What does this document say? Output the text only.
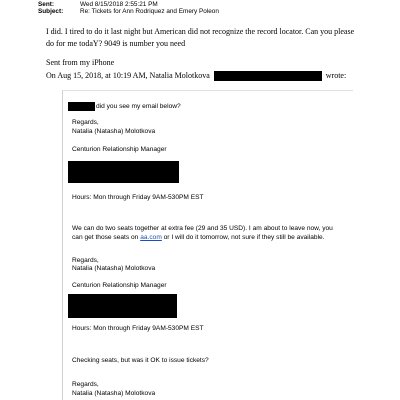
Sent:	Wed 8/15/2018 2:55:21 PM
Subject:	Re: Tickets for Ann Rodriquez and Emery Poleon
I did. I tired to do it last night but American did not recognize the record locator. Can you please
do for me todaY? 9049 is number you need
Sent from my iPhone
On Aug 15, 2018, at 10:19 AM, Natalia Molotkova	wrote:
did you see my email below?
Regards,
Natalia (Natasha) Molotkova
Centurion Relationship Manager
Hours: Mon through Friday 9AM-530PM EST
We can do two seats together at extra fee (29 and 35 USD). I am about to leave now, you
can get those seats on aa.com or I will do it tomorrow, not sure if they still be available.
Regards,
Natalia (Natasha) Molotkova
Centurion Relationship Manager
Hours: Mon through Friday 9AM-530PM EST
Checking seats, but was it OK to issue tickets?
Regards,
Natalia (Natasha) Molotkova
